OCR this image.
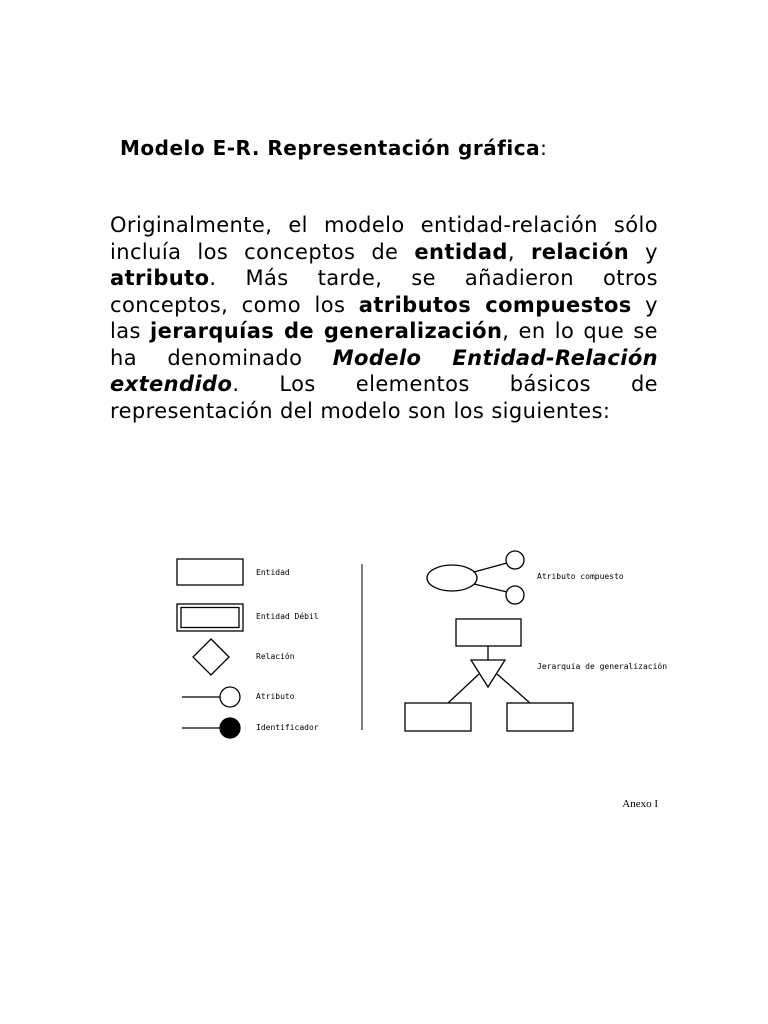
Modelo E-R. Representación gráfica:

Originalmente, el modelo entidad-relación sólo incluía los conceptos de entidad, relación y atributo. Más tarde, se añadieron otros conceptos, como los atributos compuestos y las jerarquías de generalización, en lo que se ha denominado Modelo Entidad-Relación extendido. Los elementos básicos de representación del modelo son los siguientes:

Entidad
Entidad Débil
Relación
Atributo
Identificador
Atributo compuesto
Jerarquia de generalización

Anexo I
